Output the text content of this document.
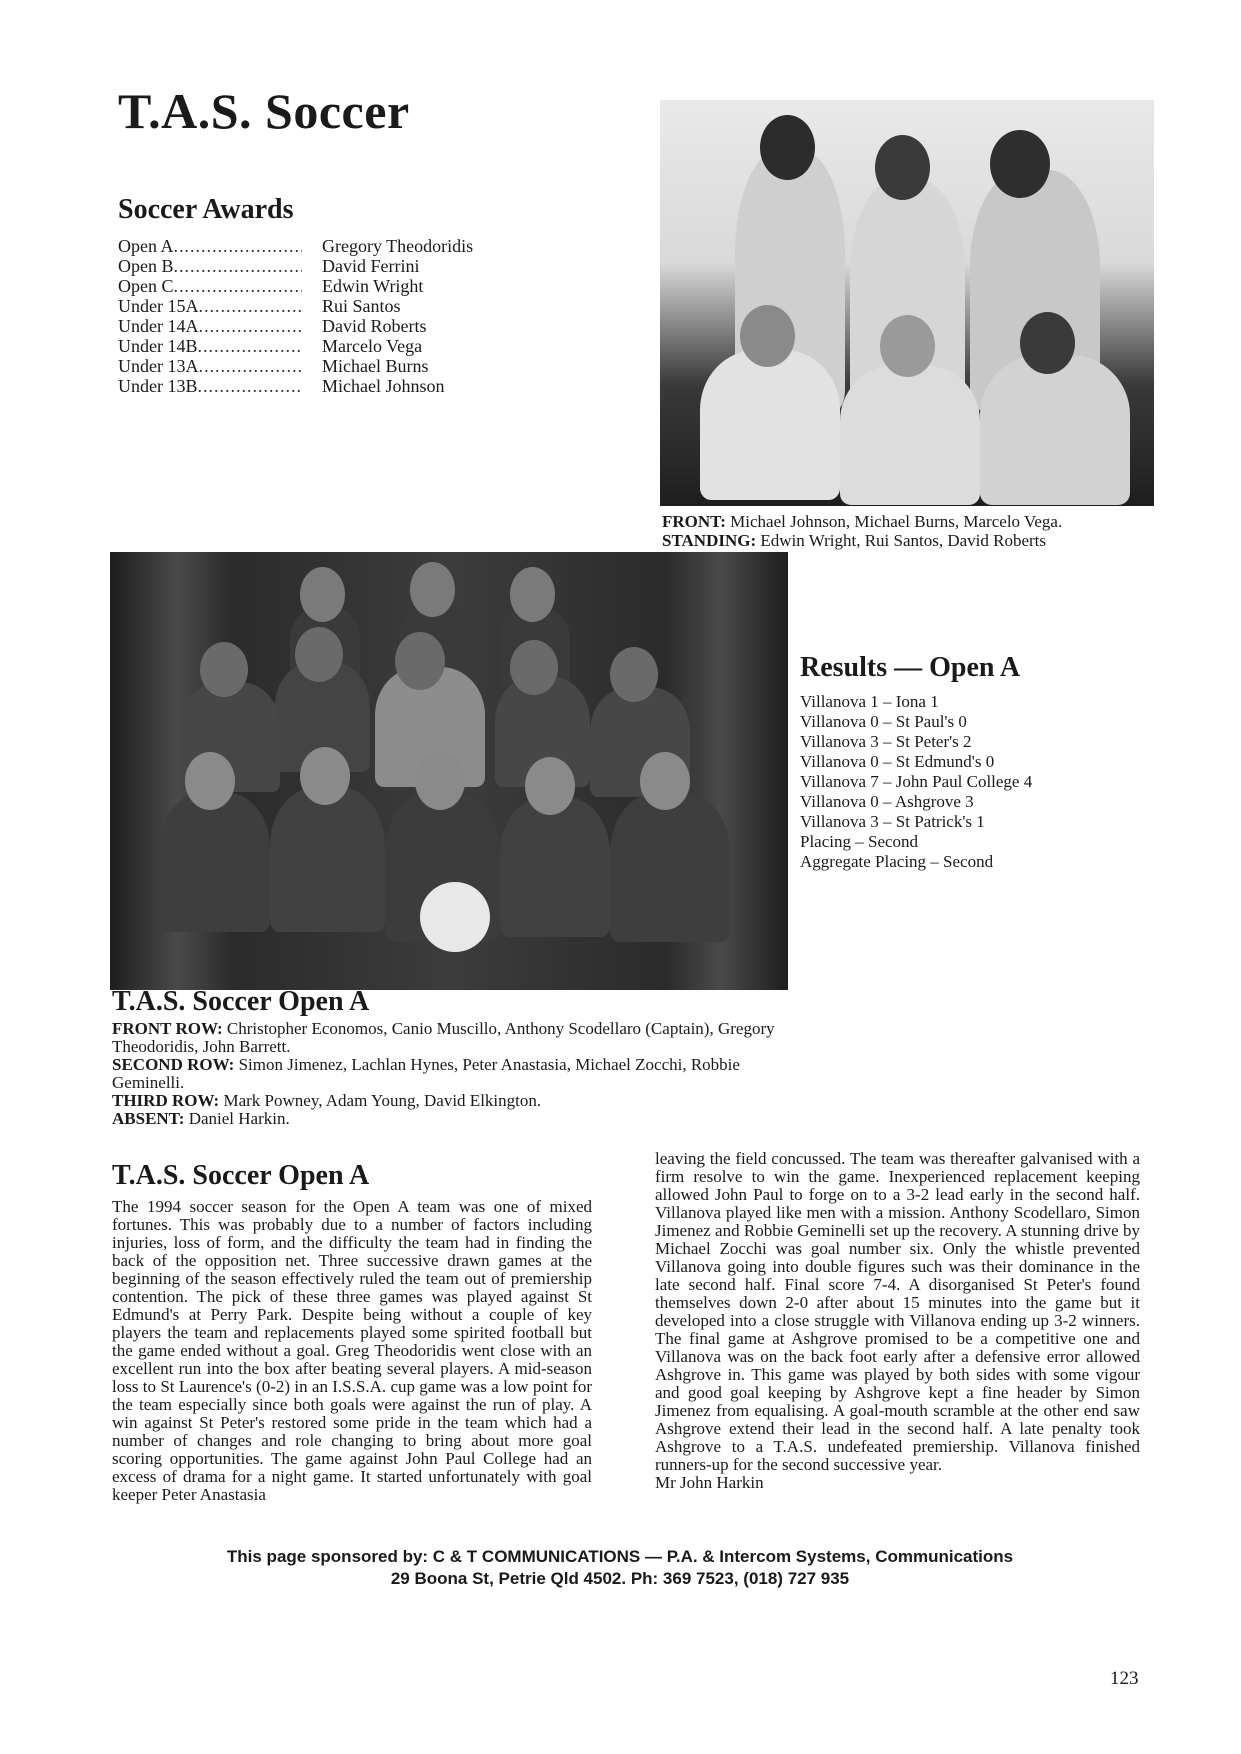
T.A.S. Soccer
Soccer Awards
Open A .....	Gregory Theodoridis
Open B .....	David Ferrini
Open C .....	Edwin Wright
Under 15A .....	Rui Santos
Under 14A .....	David Roberts
Under 14B .....	Marcelo Vega
Under 13A .....	Michael Burns
Under 13B .....	Michael Johnson
FRONT: Michael Johnson, Michael Burns, Marcelo Vega.
STANDING: Edwin Wright, Rui Santos, David Roberts
Results — Open A
Villanova 1 – Iona 1
Villanova 0 – St Paul's 0
Villanova 3 – St Peter's 2
Villanova 0 – St Edmund's 0
Villanova 7 – John Paul College 4
Villanova 0 – Ashgrove 3
Villanova 3 – St Patrick's 1
Placing – Second
Aggregate Placing – Second
T.A.S. Soccer Open A
FRONT ROW: Christopher Economos, Canio Muscillo, Anthony Scodellaro (Captain), Gregory Theodoridis, John Barrett.
SECOND ROW: Simon Jimenez, Lachlan Hynes, Peter Anastasia, Michael Zocchi, Robbie Geminelli.
THIRD ROW: Mark Powney, Adam Young, David Elkington.
ABSENT: Daniel Harkin.
T.A.S. Soccer Open A

The 1994 soccer season for the Open A team was one of mixed fortunes. This was probably due to a number of factors including injuries, loss of form, and the difficulty the team had in finding the back of the opposition net. Three successive drawn games at the beginning of the season effectively ruled the team out of premiership contention. The pick of these three games was played against St Edmund's at Perry Park. Despite being without a couple of key players the team and replacements played some spirited football but the game ended without a goal. Greg Theodoridis went close with an excellent run into the box after beating several players. A mid-season loss to St Laurence's (0-2) in an I.S.S.A. cup game was a low point for the team especially since both goals were against the run of play. A win against St Peter's restored some pride in the team which had a number of changes and role changing to bring about more goal scoring opportunities. The game against John Paul College had an excess of drama for a night game. It started unfortunately with goal keeper Peter Anastasia

leaving the field concussed. The team was thereafter galvanised with a firm resolve to win the game. Inexperienced replacement keeping allowed John Paul to forge on to a 3-2 lead early in the second half. Villanova played like men with a mission. Anthony Scodellaro, Simon Jimenez and Robbie Geminelli set up the recovery. A stunning drive by Michael Zocchi was goal number six. Only the whistle prevented Villanova going into double figures such was their dominance in the late second half. Final score 7-4. A disorganised St Peter's found themselves down 2-0 after about 15 minutes into the game but it developed into a close struggle with Villanova ending up 3-2 winners. The final game at Ashgrove promised to be a competitive one and Villanova was on the back foot early after a defensive error allowed Ashgrove in. This game was played by both sides with some vigour and good goal keeping by Ashgrove kept a fine header by Simon Jimenez from equalising. A goal-mouth scramble at the other end saw Ashgrove extend their lead in the second half. A late penalty took Ashgrove to a T.A.S. undefeated premiership. Villanova finished runners-up for the second successive year.

Mr John Harkin
This page sponsored by: C & T COMMUNICATIONS — P.A. & Intercom Systems, Communications
29 Boona St, Petrie Qld 4502. Ph: 369 7523, (018) 727 935
123
